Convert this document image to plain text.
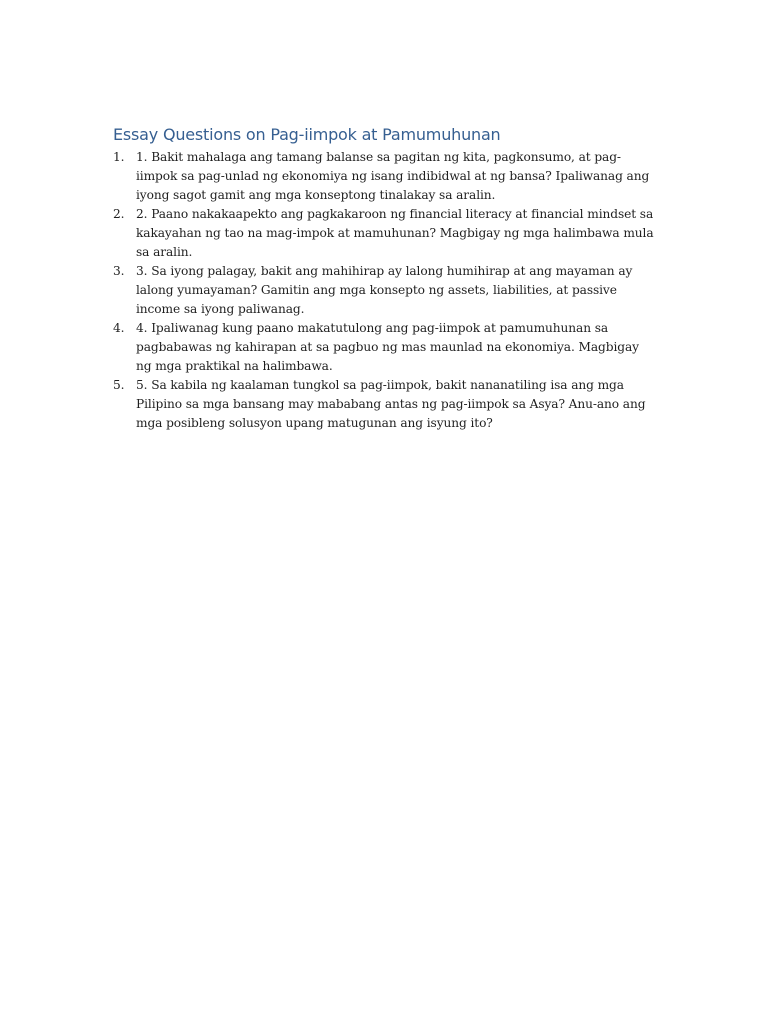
Essay Questions on Pag-iimpok at Pamumuhunan
1. 1. Bakit mahalaga ang tamang balanse sa pagitan ng kita, pagkonsumo, at pag-iimpok sa pag-unlad ng ekonomiya ng isang indibidwal at ng bansa? Ipaliwanag ang iyong sagot gamit ang mga konseptong tinalakay sa aralin.
2. 2. Paano nakakaapekto ang pagkakaroon ng financial literacy at financial mindset sa kakayahan ng tao na mag-impok at mamuhunan? Magbigay ng mga halimbawa mula sa aralin.
3. 3. Sa iyong palagay, bakit ang mahihirap ay lalong humihirap at ang mayaman ay lalong yumayaman? Gamitin ang mga konsepto ng assets, liabilities, at passive income sa iyong paliwanag.
4. 4. Ipaliwanag kung paano makatutulong ang pag-iimpok at pamumuhunan sa pagbabawas ng kahirapan at sa pagbuo ng mas maunlad na ekonomiya. Magbigay ng mga praktikal na halimbawa.
5. 5. Sa kabila ng kaalaman tungkol sa pag-iimpok, bakit nananatiling isa ang mga Pilipino sa mga bansang may mababang antas ng pag-iimpok sa Asya? Anu-ano ang mga posibleng solusyon upang matugunan ang isyung ito?
